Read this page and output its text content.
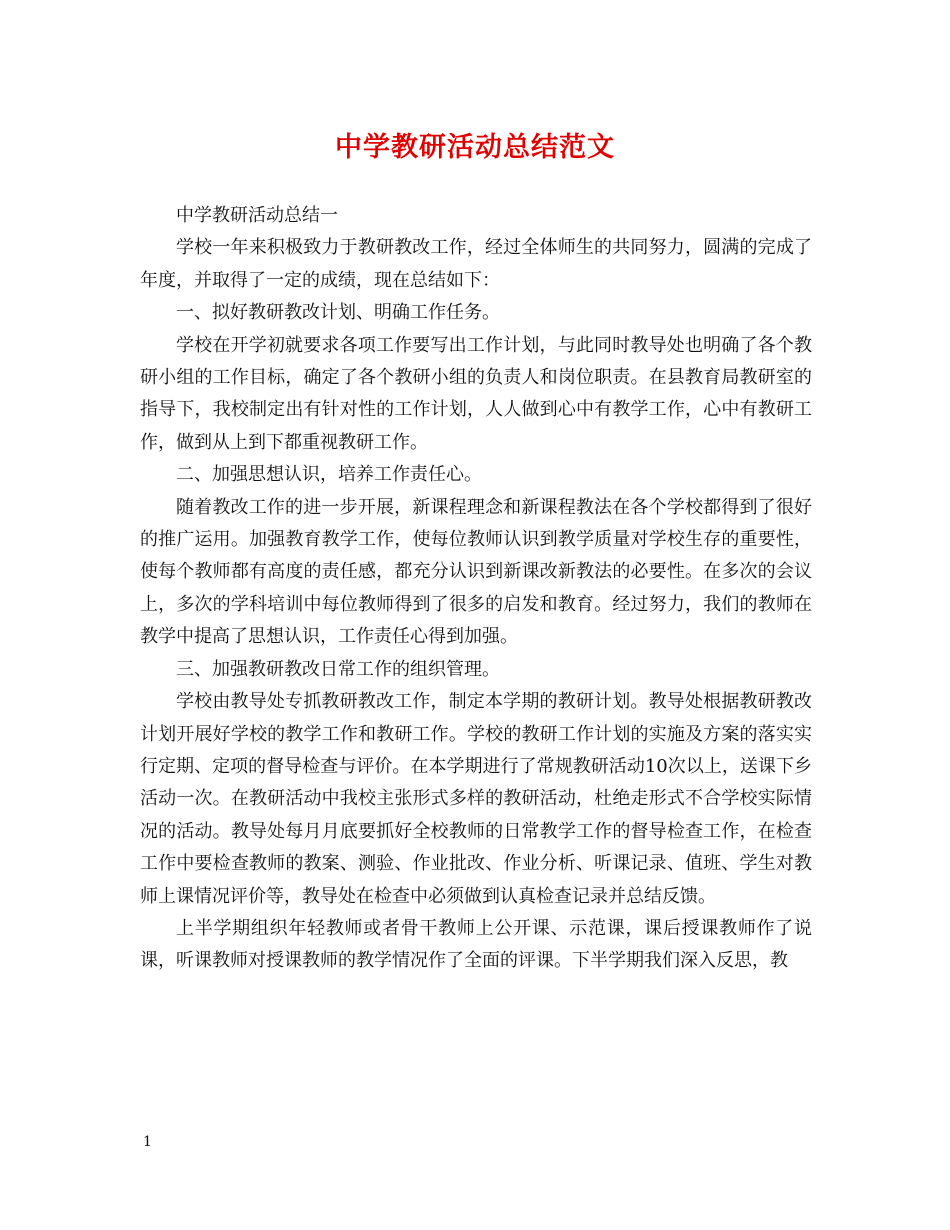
中学教研活动总结范文

中学教研活动总结一

学校一年来积极致力于教研教改工作，经过全体师生的共同努力，圆满的完成了年度，并取得了一定的成绩，现在总结如下：

一、拟好教研教改计划、明确工作任务。

学校在开学初就要求各项工作要写出工作计划，与此同时教导处也明确了各个教研小组的工作目标，确定了各个教研小组的负责人和岗位职责。在县教育局教研室的指导下，我校制定出有针对性的工作计划，人人做到心中有教学工作，心中有教研工作，做到从上到下都重视教研工作。

二、加强思想认识，培养工作责任心。

随着教改工作的进一步开展，新课程理念和新课程教法在各个学校都得到了很好的推广运用。加强教育教学工作，使每位教师认识到教学质量对学校生存的重要性，使每个教师都有高度的责任感，都充分认识到新课改新教法的必要性。在多次的会议上，多次的学科培训中每位教师得到了很多的启发和教育。经过努力，我们的教师在教学中提高了思想认识，工作责任心得到加强。

三、加强教研教改日常工作的组织管理。

学校由教导处专抓教研教改工作，制定本学期的教研计划。教导处根据教研教改计划开展好学校的教学工作和教研工作。学校的教研工作计划的实施及方案的落实实行定期、定项的督导检查与评价。在本学期进行了常规教研活动10次以上，送课下乡活动一次。在教研活动中我校主张形式多样的教研活动，杜绝走形式不合学校实际情况的活动。教导处每月月底要抓好全校教师的日常教学工作的督导检查工作，在检查工作中要检查教师的教案、测验、作业批改、作业分析、听课记录、值班、学生对教师上课情况评价等，教导处在检查中必须做到认真检查记录并总结反馈。

上半学期组织年轻教师或者骨干教师上公开课、示范课，课后授课教师作了说课，听课教师对授课教师的教学情况作了全面的评课。下半学期我们深入反思，教

1
